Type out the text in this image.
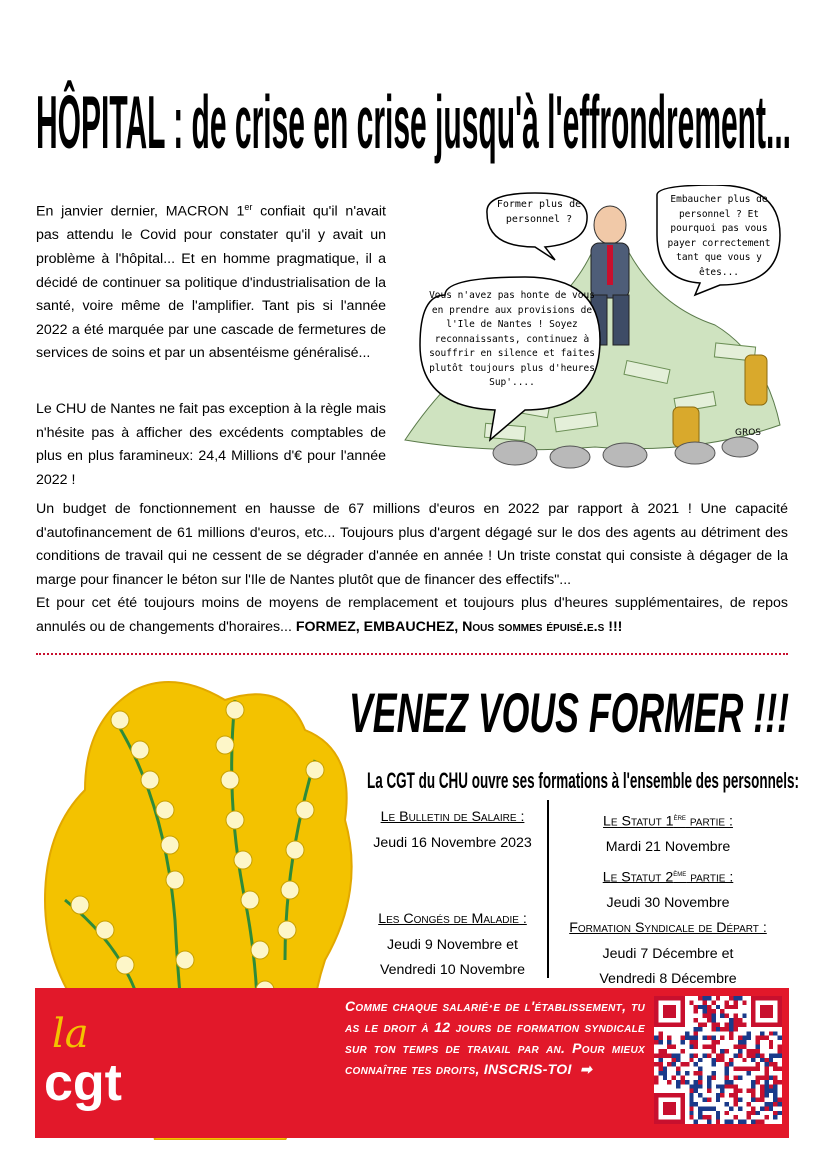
HÔPITAL : de crise en crise jusqu'à l'effrondrement...
En janvier dernier, MACRON 1er confiait qu'il n'avait pas attendu le Covid pour constater qu'il y avait un problème à l'hôpital... Et en homme pragmatique, il a décidé de continuer sa politique d'industrialisation de la santé, voire même de l'amplifier. Tant pis si l'année 2022 a été marquée par une cascade de fermetures de services de soins et par un absentéisme généralisé...
Le CHU de Nantes ne fait pas exception à la règle mais n'hésite pas à afficher des excédents comptables de plus en plus faramineux: 24,4 Millions d'€ pour l'année 2022 !
Un budget de fonctionnement en hausse de 67 millions d'euros en 2022 par rapport à 2021 ! Une capacité d'autofinancement de 61 millions d'euros, etc... Toujours plus d'argent dégagé sur le dos des agents au détriment des conditions de travail qui ne cessent de se dégrader d'année en année ! Un triste constat qui consiste à dégager de la marge pour financer le béton sur l'Ile de Nantes plutôt que de financer des effectifs"...
Et pour cet été toujours moins de moyens de remplacement et toujours plus d'heures supplémentaires, de repos annulés ou de changements d'horaires... FORMEZ, EMBAUCHEZ, Nous sommes épuisé.e.s !!!
Former plus de personnel ?
Embaucher plus de personnel ? Et pourquoi pas vous payer correctement tant que vous y êtes...
Vous n'avez pas honte de vous en prendre aux provisions de l'Ile de Nantes ! Soyez reconnaissants, continuez à souffrir en silence et faites plutôt toujours plus d'heures Sup'....
GROS
VENEZ VOUS FORMER !!!
La CGT du CHU ouvre ses formations à l'ensemble des personnels:
Le Bulletin de Salaire :
Jeudi 16 Novembre 2023
Les Congés de Maladie :
Jeudi 9 Novembre et
Vendredi 10 Novembre
Le Statut 1ère partie :
Mardi 21 Novembre
Le Statut 2ème partie :
Jeudi 30 Novembre
Formation Syndicale de Départ :
Jeudi 7 Décembre et
Vendredi 8 Décembre
la
cgt
Comme chaque salarié·e de l'établissement, tu as le droit à 12 jours de formation syndicale sur ton temps de travail par an. Pour mieux connaître tes droits, INSCRIS-TOI  ➡
